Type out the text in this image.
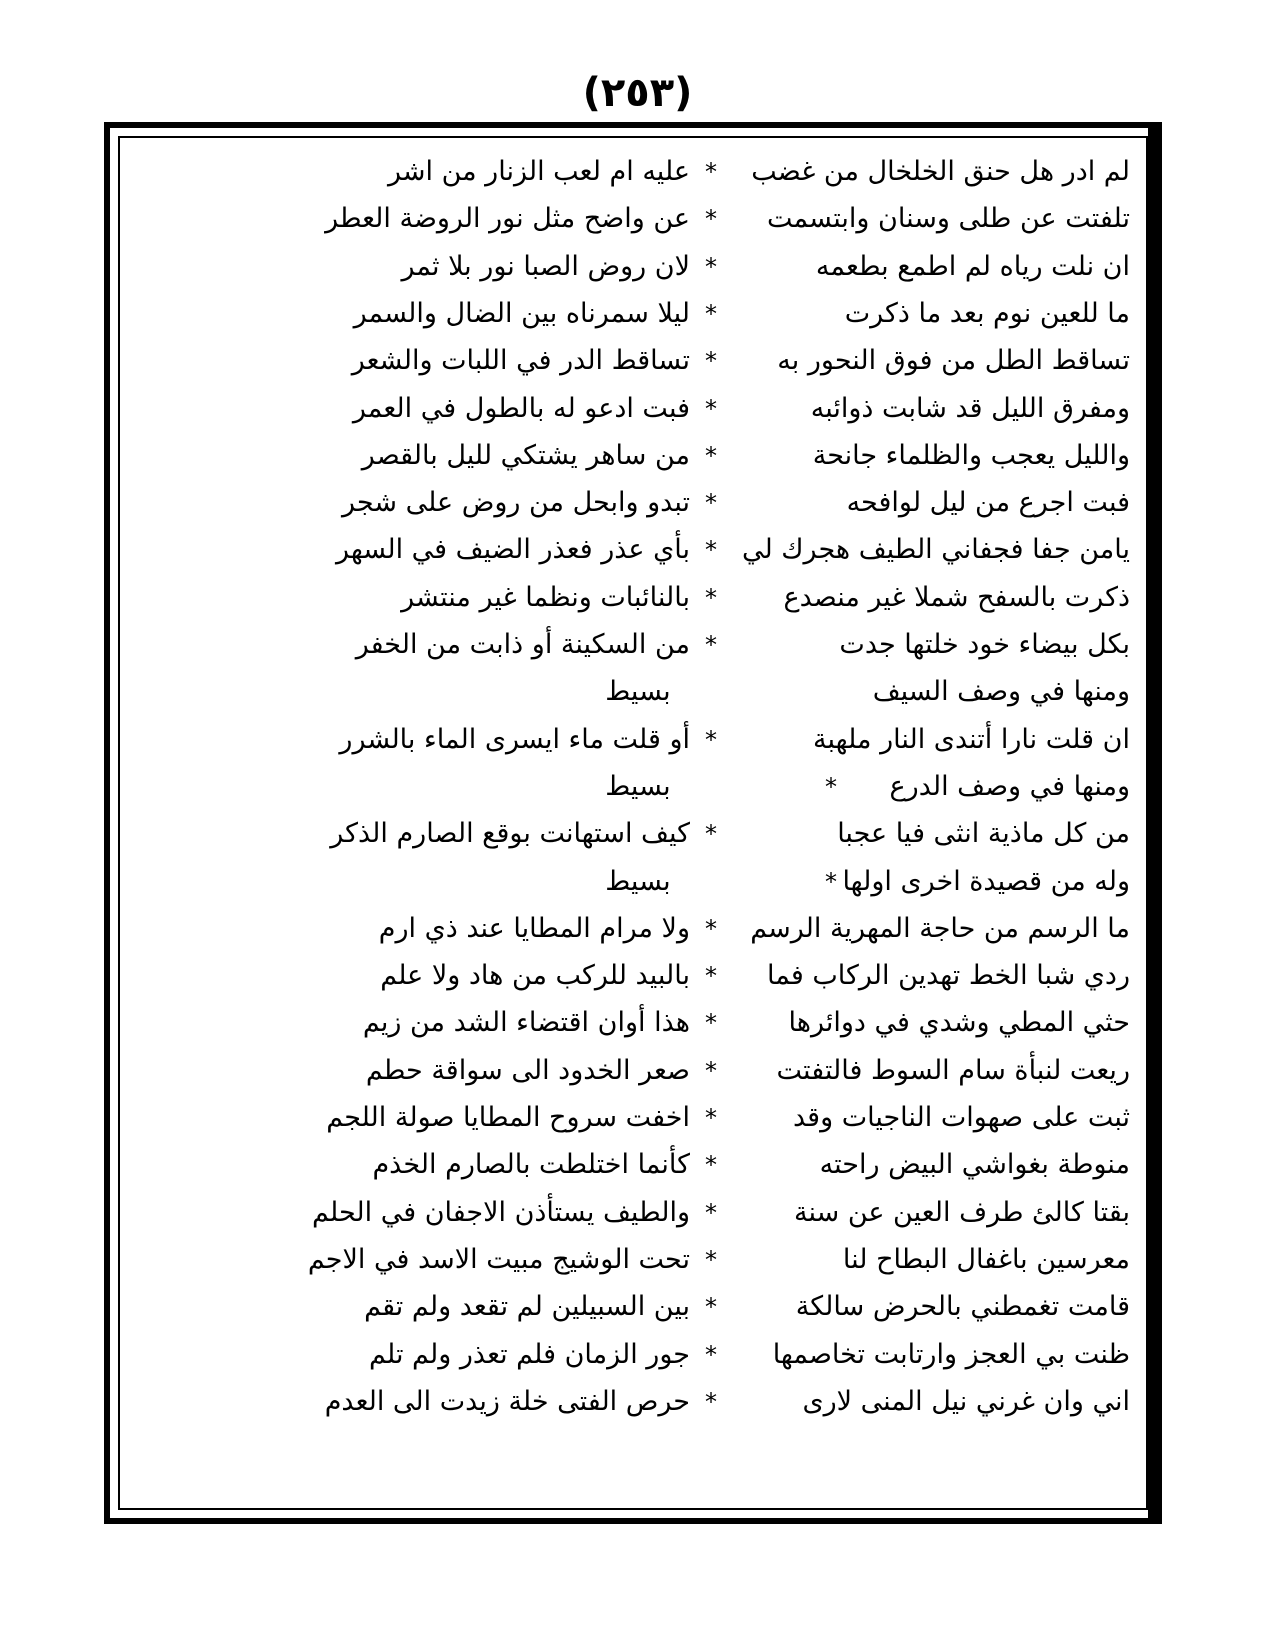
(٢٥٣)
لم ادر هل حنق الخلخال من غضب
*
عليه ام لعب الزنار من اشر
تلفتت عن طلى وسنان وابتسمت
*
عن واضح مثل نور الروضة العطر
ان نلت رياه لم اطمع بطعمه
*
لان روض الصبا نور بلا ثمر
ما للعين نوم بعد ما ذكرت
*
ليلا سمرناه بين الضال والسمر
تساقط الطل من فوق النحور به
*
تساقط الدر في اللبات والشعر
ومفرق الليل قد شابت ذوائبه
*
فبت ادعو له بالطول في العمر
والليل يعجب والظلماء جانحة
*
من ساهر يشتكي لليل بالقصر
فبت اجرع من ليل لوافحه
*
تبدو وابحل من روض على شجر
يامن جفا فجفاني الطيف هجرك لي
*
بأي عذر فعذر الضيف في السهر
ذكرت بالسفح شملا غير منصدع
*
بالنائبات ونظما غير منتشر
بكل بيضاء خود خلتها جدت
*
من السكينة أو ذابت من الخفر
ومنها في وصف السيف
بسيط
ان قلت نارا أتندى النار ملهبة
*
أو قلت ماء ايسرى الماء بالشرر
ومنها في وصف الدرع
بسيط	*
من كل ماذية انثى فيا عجبا
*
كيف استهانت بوقع الصارم الذكر
وله من قصيدة اخرى اولها
بسيط	*
ما الرسم من حاجة المهرية الرسم
*
ولا مرام المطايا عند ذي ارم
ردي شبا الخط تهدين الركاب فما
*
بالبيد للركب من هاد ولا علم
حثي المطي وشدي في دوائرها
*
هذا أوان اقتضاء الشد من زيم
ريعت لنبأة سام السوط فالتفتت
*
صعر الخدود الى سواقة حطم
ثبت على صهوات الناجيات وقد
*
اخفت سروح المطايا صولة اللجم
منوطة بغواشي البيض راحته
*
كأنما اختلطت بالصارم الخذم
بقتا كالئ طرف العين عن سنة
*
والطيف يستأذن الاجفان في الحلم
معرسين باغفال البطاح لنا
*
تحت الوشيج مبيت الاسد في الاجم
قامت تغمطني بالحرض سالكة
*
بين السبيلين لم تقعد ولم تقم
ظنت بي العجز وارتابت تخاصمها
*
جور الزمان فلم تعذر ولم تلم
اني وان غرني نيل المنى لارى
*
حرص الفتى خلة زيدت الى العدم
